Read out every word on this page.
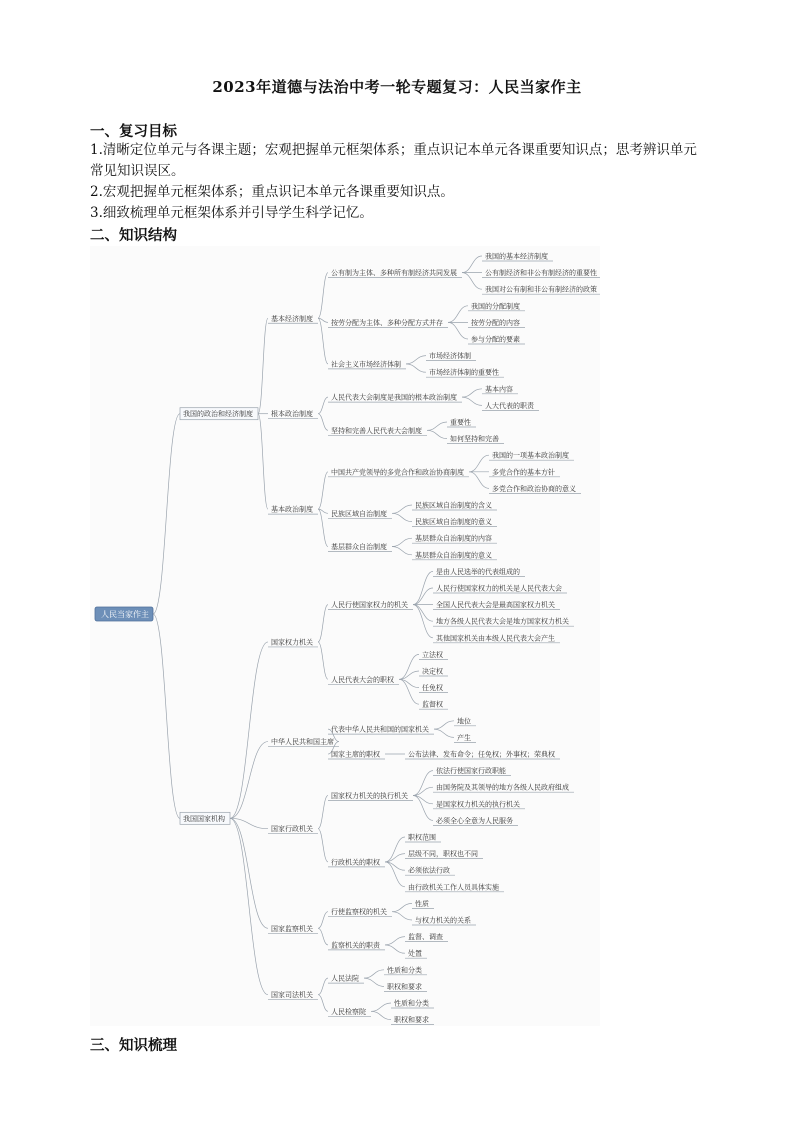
2023年道德与法治中考一轮专题复习：人民当家作主
一、复习目标
1.清晰定位单元与各课主题；宏观把握单元框架体系；重点识记本单元各课重要知识点；思考辨识单元常见知识误区。
2.宏观把握单元框架体系；重点识记本单元各课重要知识点。
3.细致梳理单元框架体系并引导学生科学记忆。
二、知识结构
人民当家作主
我国的政治和经济制度
基本经济制度
公有制为主体、多种所有制经济共同发展
我国的基本经济制度
公有制经济和非公有制经济的重要性
我国对公有制和非公有制经济的政策
按劳分配为主体、多种分配方式并存
我国的分配制度
按劳分配的内容
参与分配的要素
社会主义市场经济体制
市场经济体制
市场经济体制的重要性
根本政治制度
人民代表大会制度是我国的根本政治制度
基本内容
人大代表的职责
坚持和完善人民代表大会制度
重要性
如何坚持和完善
基本政治制度
中国共产党领导的多党合作和政治协商制度
我国的一项基本政治制度
多党合作的基本方针
多党合作和政治协商的意义
民族区域自治制度
民族区域自治制度的含义
民族区域自治制度的意义
基层群众自治制度
基层群众自治制度的内容
基层群众自治制度的意义
我国国家机构
国家权力机关
人民行使国家权力的机关
是由人民选举的代表组成的
人民行使国家权力的机关是人民代表大会
全国人民代表大会是最高国家权力机关
地方各级人民代表大会是地方国家权力机关
其他国家机关由本级人民代表大会产生
人民代表大会的职权
立法权
决定权
任免权
监督权
中华人民共和国主席
代表中华人民共和国的国家机关
地位
产生
国家主席的职权	公布法律、发布命令；任免权；外事权；荣典权
国家行政机关
国家权力机关的执行机关
依法行使国家行政职能
由国务院及其领导的地方各级人民政府组成
是国家权力机关的执行机关
必须全心全意为人民服务
行政机关的职权
职权范围
层级不同，职权也不同
必须依法行政
由行政机关工作人员具体实施
国家监察机关
行使监察权的机关
性质
与权力机关的关系
监察机关的职责
监督、调查
处置
国家司法机关
人民法院
性质和分类
职权和要求
人民检察院
性质和分类
职权和要求
三、知识梳理
